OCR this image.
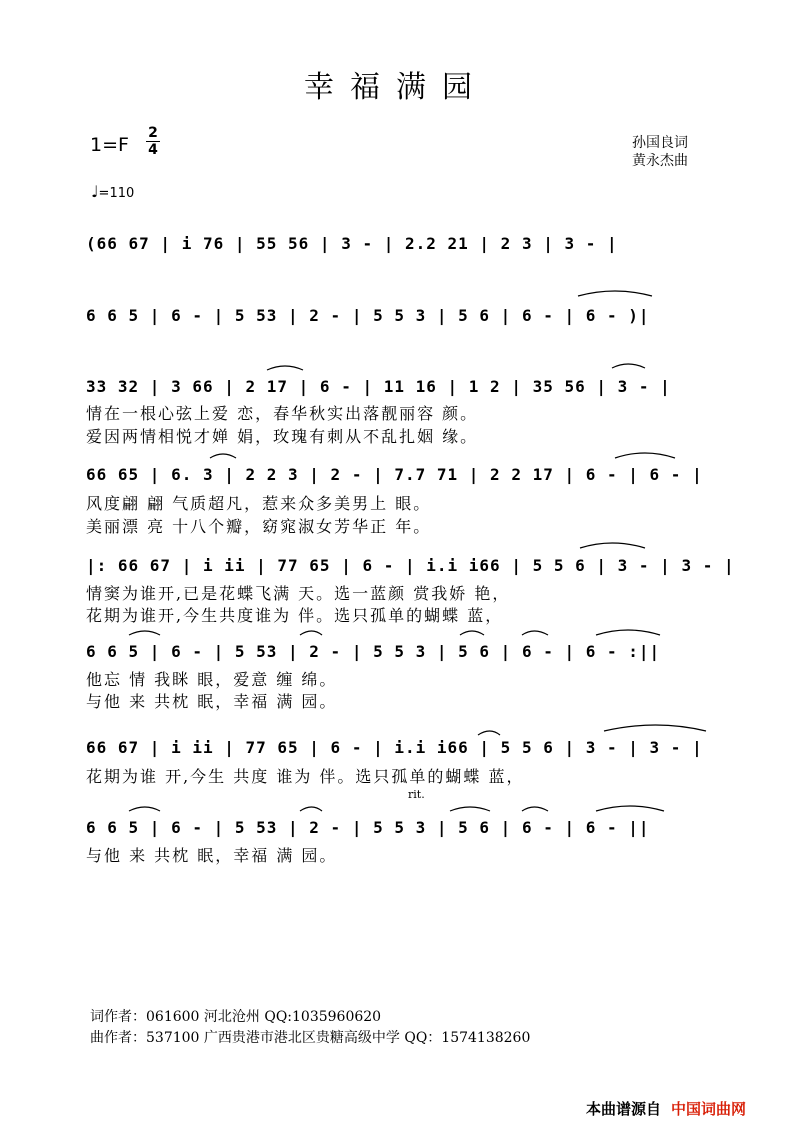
幸福满园
1=F
2
4	孙国良词
黄永杰曲
♩=110
(66 67 | i 76 | 55 56 | 3 - | 2.2 21 | 2 3 | 3 - |
6 6 5 | 6 - | 5 53 | 2 - | 5 5 3 | 5 6 | 6 - | 6 - )|
33 32 | 3 66 | 2 17 | 6 - | 11 16 | 1 2 | 35 56 | 3 - |
情在一根心弦上爱 恋，春华秋实出落靓丽容 颜。
爱因两情相悦才婵 娟，玫瑰有刺从不乱扎姻 缘。
66 65 | 6. 3 | 2 2 3 | 2 - | 7.7 71 | 2 2 17 | 6 - | 6 - |
风度翩 翩 气质超凡，惹来众多美男上 眼。
美丽漂 亮 十八个瓣，窈窕淑女芳华正 年。
|: 66 67 | i ii | 77 65 | 6 - | i.i i66 | 5 5 6 | 3 - | 3 - |
情窦为谁开,已是花蝶飞满 天。选一蓝颜 赏我娇 艳，
花期为谁开,今生共度谁为 伴。选只孤单的蝴蝶 蓝，
6 6 5 | 6 - | 5 53 | 2 - | 5 5 3 | 5 6 | 6 - | 6 - :||
他忘 情 我眯 眼，爱意 缠 绵。
与他 来 共枕 眠，幸福 满 园。
66 67 | i ii | 77 65 | 6 - | i.i i66 | 5 5 6 | 3 - | 3 - |
花期为谁 开,今生 共度 谁为 伴。选只孤单的蝴蝶 蓝，
rit.
6 6 5 | 6 - | 5 53 | 2 - | 5 5 3 | 5 6 | 6 - | 6 - ||
与他 来 共枕 眠，幸福 满 园。
词作者：061600 河北沧州 QQ:1035960620
曲作者：537100 广西贵港市港北区贵糖高级中学 QQ：1574138260
本曲谱源自 中国词曲网
